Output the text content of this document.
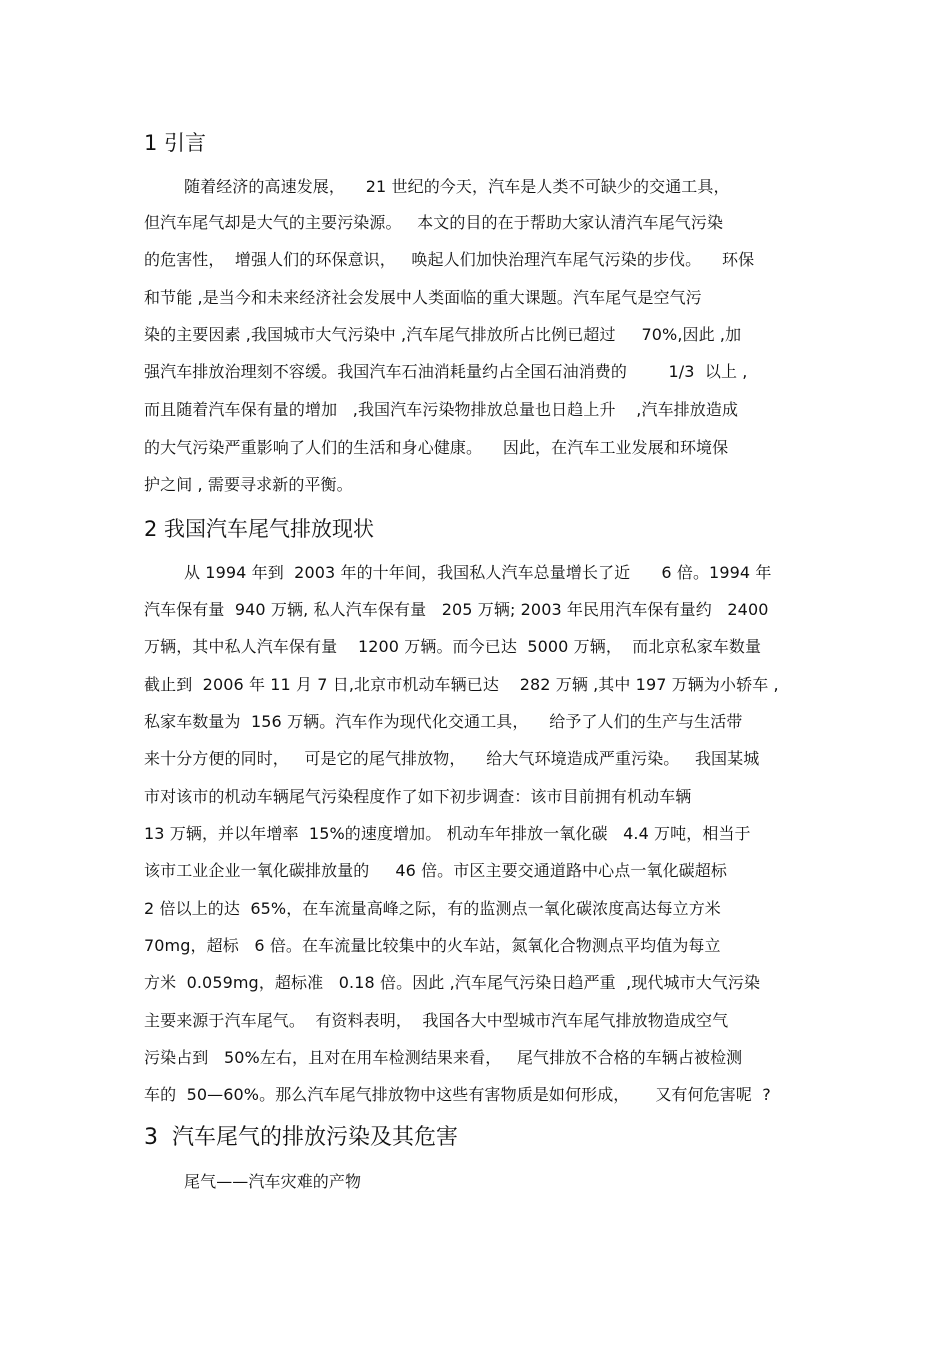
1 引言
随着经济的高速发展，    21 世纪的今天，汽车是人类不可缺少的交通工具，
但汽车尾气却是大气的主要污染源。   本文的目的在于帮助大家认清汽车尾气污染
的危害性，  增强人们的环保意识，   唤起人们加快治理汽车尾气污染的步伐。    环保
和节能 ,是当今和未来经济社会发展中人类面临的重大课题。汽车尾气是空气污
染的主要因素 ,我国城市大气污染中 ,汽车尾气排放所占比例已超过     70%,因此 ,加
强汽车排放治理刻不容缓。我国汽车石油消耗量约占全国石油消费的        1/3  以上 ,
而且随着汽车保有量的增加   ,我国汽车污染物排放总量也日趋上升    ,汽车排放造成
的大气污染严重影响了人们的生活和身心健康。    因此，在汽车工业发展和环境保
护之间 , 需要寻求新的平衡。
2 我国汽车尾气排放现状
从 1994 年到  2003 年的十年间，我国私人汽车总量增长了近      6 倍。1994 年
汽车保有量  940 万辆, 私人汽车保有量   205 万辆; 2003 年民用汽车保有量约   2400
万辆，其中私人汽车保有量    1200 万辆。而今已达  5000 万辆，  而北京私家车数量
截止到  2006 年 11 月 7 日,北京市机动车辆已达    282 万辆 ,其中 197 万辆为小轿车 ,
私家车数量为  156 万辆。汽车作为现代化交通工具，    给予了人们的生产与生活带
来十分方便的同时，   可是它的尾气排放物，    给大气环境造成严重污染。   我国某城
市对该市的机动车辆尾气污染程度作了如下初步调查：该市目前拥有机动车辆
13 万辆，并以年增率  15%的速度增加。 机动车年排放一氧化碳   4.4 万吨，相当于
该市工业企业一氧化碳排放量的     46 倍。市区主要交通道路中心点一氧化碳超标
2 倍以上的达  65%，在车流量高峰之际，有的监测点一氧化碳浓度高达每立方米
70mg，超标   6 倍。在车流量比较集中的火车站，氮氧化合物测点平均值为每立
方米  0.059mg，超标准   0.18 倍。因此 ,汽车尾气污染日趋严重  ,现代城市大气污染
主要来源于汽车尾气。  有资料表明，  我国各大中型城市汽车尾气排放物造成空气
污染占到   50%左右，且对在用车检测结果来看，   尾气排放不合格的车辆占被检测
车的  50—60%。那么汽车尾气排放物中这些有害物质是如何形成，     又有何危害呢  ?
3  汽车尾气的排放污染及其危害
尾气——汽车灾难的产物
